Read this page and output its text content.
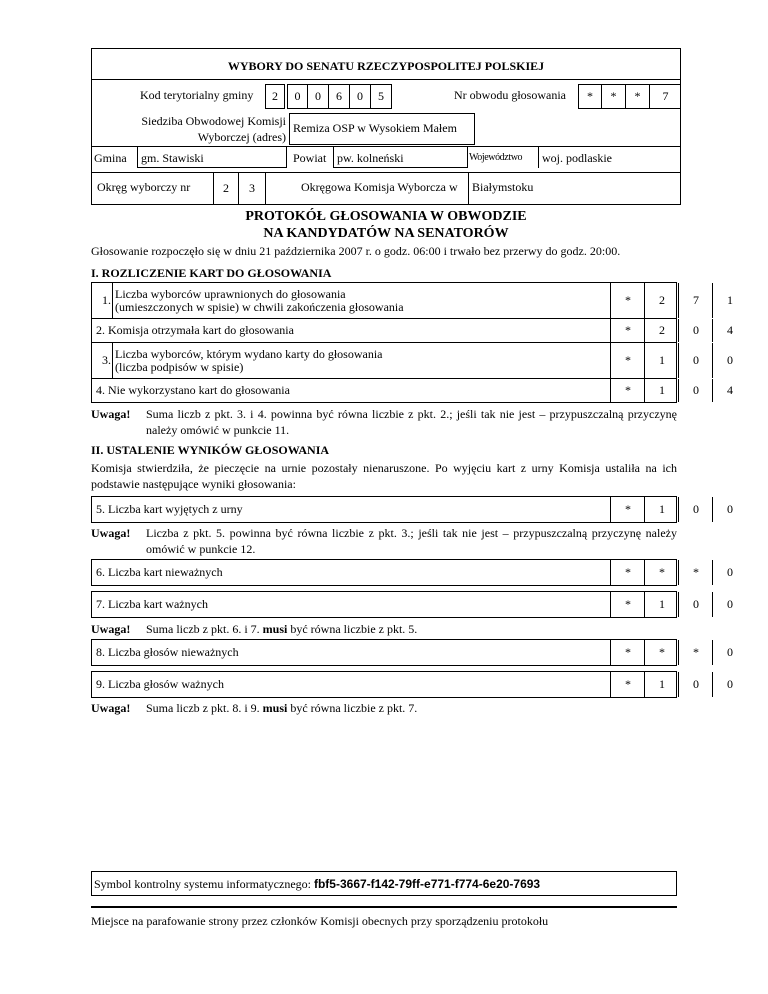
WYBORY DO SENATU RZECZYPOSPOLITEJ POLSKIEJ
Kod terytorialny gminy	2	0	0	6	0	5	Nr obwodu głosowania	*	*	*	7
Siedziba Obwodowej Komisji
Wyborczej (adres)
Remiza OSP w Wysokiem Małem
Gmina gm. Stawiski	Powiat pw. kolneński	Województwo	woj. podlaskie
Okręg wyborczy nr	2	3	Okręgowa Komisja Wyborcza w Białymstoku
PROTOKÓŁ GŁOSOWANIA W OBWODZIE
NA KANDYDATÓW NA SENATORÓW
Głosowanie rozpoczęło się w dniu 21 października 2007 r. o godz. 06:00 i trwało bez przerwy do godz. 20:00.
I. ROZLICZENIE KART DO GŁOSOWANIA
1. Liczba wyborców uprawnionych do głosowania
(umieszczonych w spisie) w chwili zakończenia głosowania	*	2	7	1
2.
Komisja otrzymała kart do głosowania	*	2	0	4
3. Liczba wyborców, którym wydano karty do głosowania
(liczba podpisów w spisie)	*	1	0	0
4.
Nie wykorzystano kart do głosowania	*	1	0	4
Uwaga! Suma liczb z pkt. 3. i 4. powinna być równa liczbie z pkt. 2.; jeśli tak nie jest – przypuszczalną przyczynę należy omówić w punkcie 11.
II. USTALENIE WYNIKÓW GŁOSOWANIA
Komisja stwierdziła, że pieczęcie na urnie pozostały nienaruszone. Po wyjęciu kart z urny Komisja ustaliła na ich podstawie następujące wyniki głosowania:
5.
Liczba kart wyjętych z urny	*	1	0	0
Uwaga! Liczba z pkt. 5. powinna być równa liczbie z pkt. 3.; jeśli tak nie jest – przypuszczalną przyczynę należy omówić w punkcie 12.
6.
Liczba kart nieważnych	*	*	*	0
7.
Liczba kart ważnych	*	1	0	0
Uwaga! Suma liczb z pkt. 6. i 7. musi być równa liczbie z pkt. 5.
8.
Liczba głosów nieważnych	*	*	*	0
9.
Liczba głosów ważnych	*	1	0	0
Uwaga! Suma liczb z pkt. 8. i 9. musi być równa liczbie z pkt. 7.
Symbol kontrolny systemu informatycznego: fbf5-3667-f142-79ff-e771-f774-6e20-7693
Miejsce na parafowanie strony przez członków Komisji obecnych przy sporządzeniu protokołu
